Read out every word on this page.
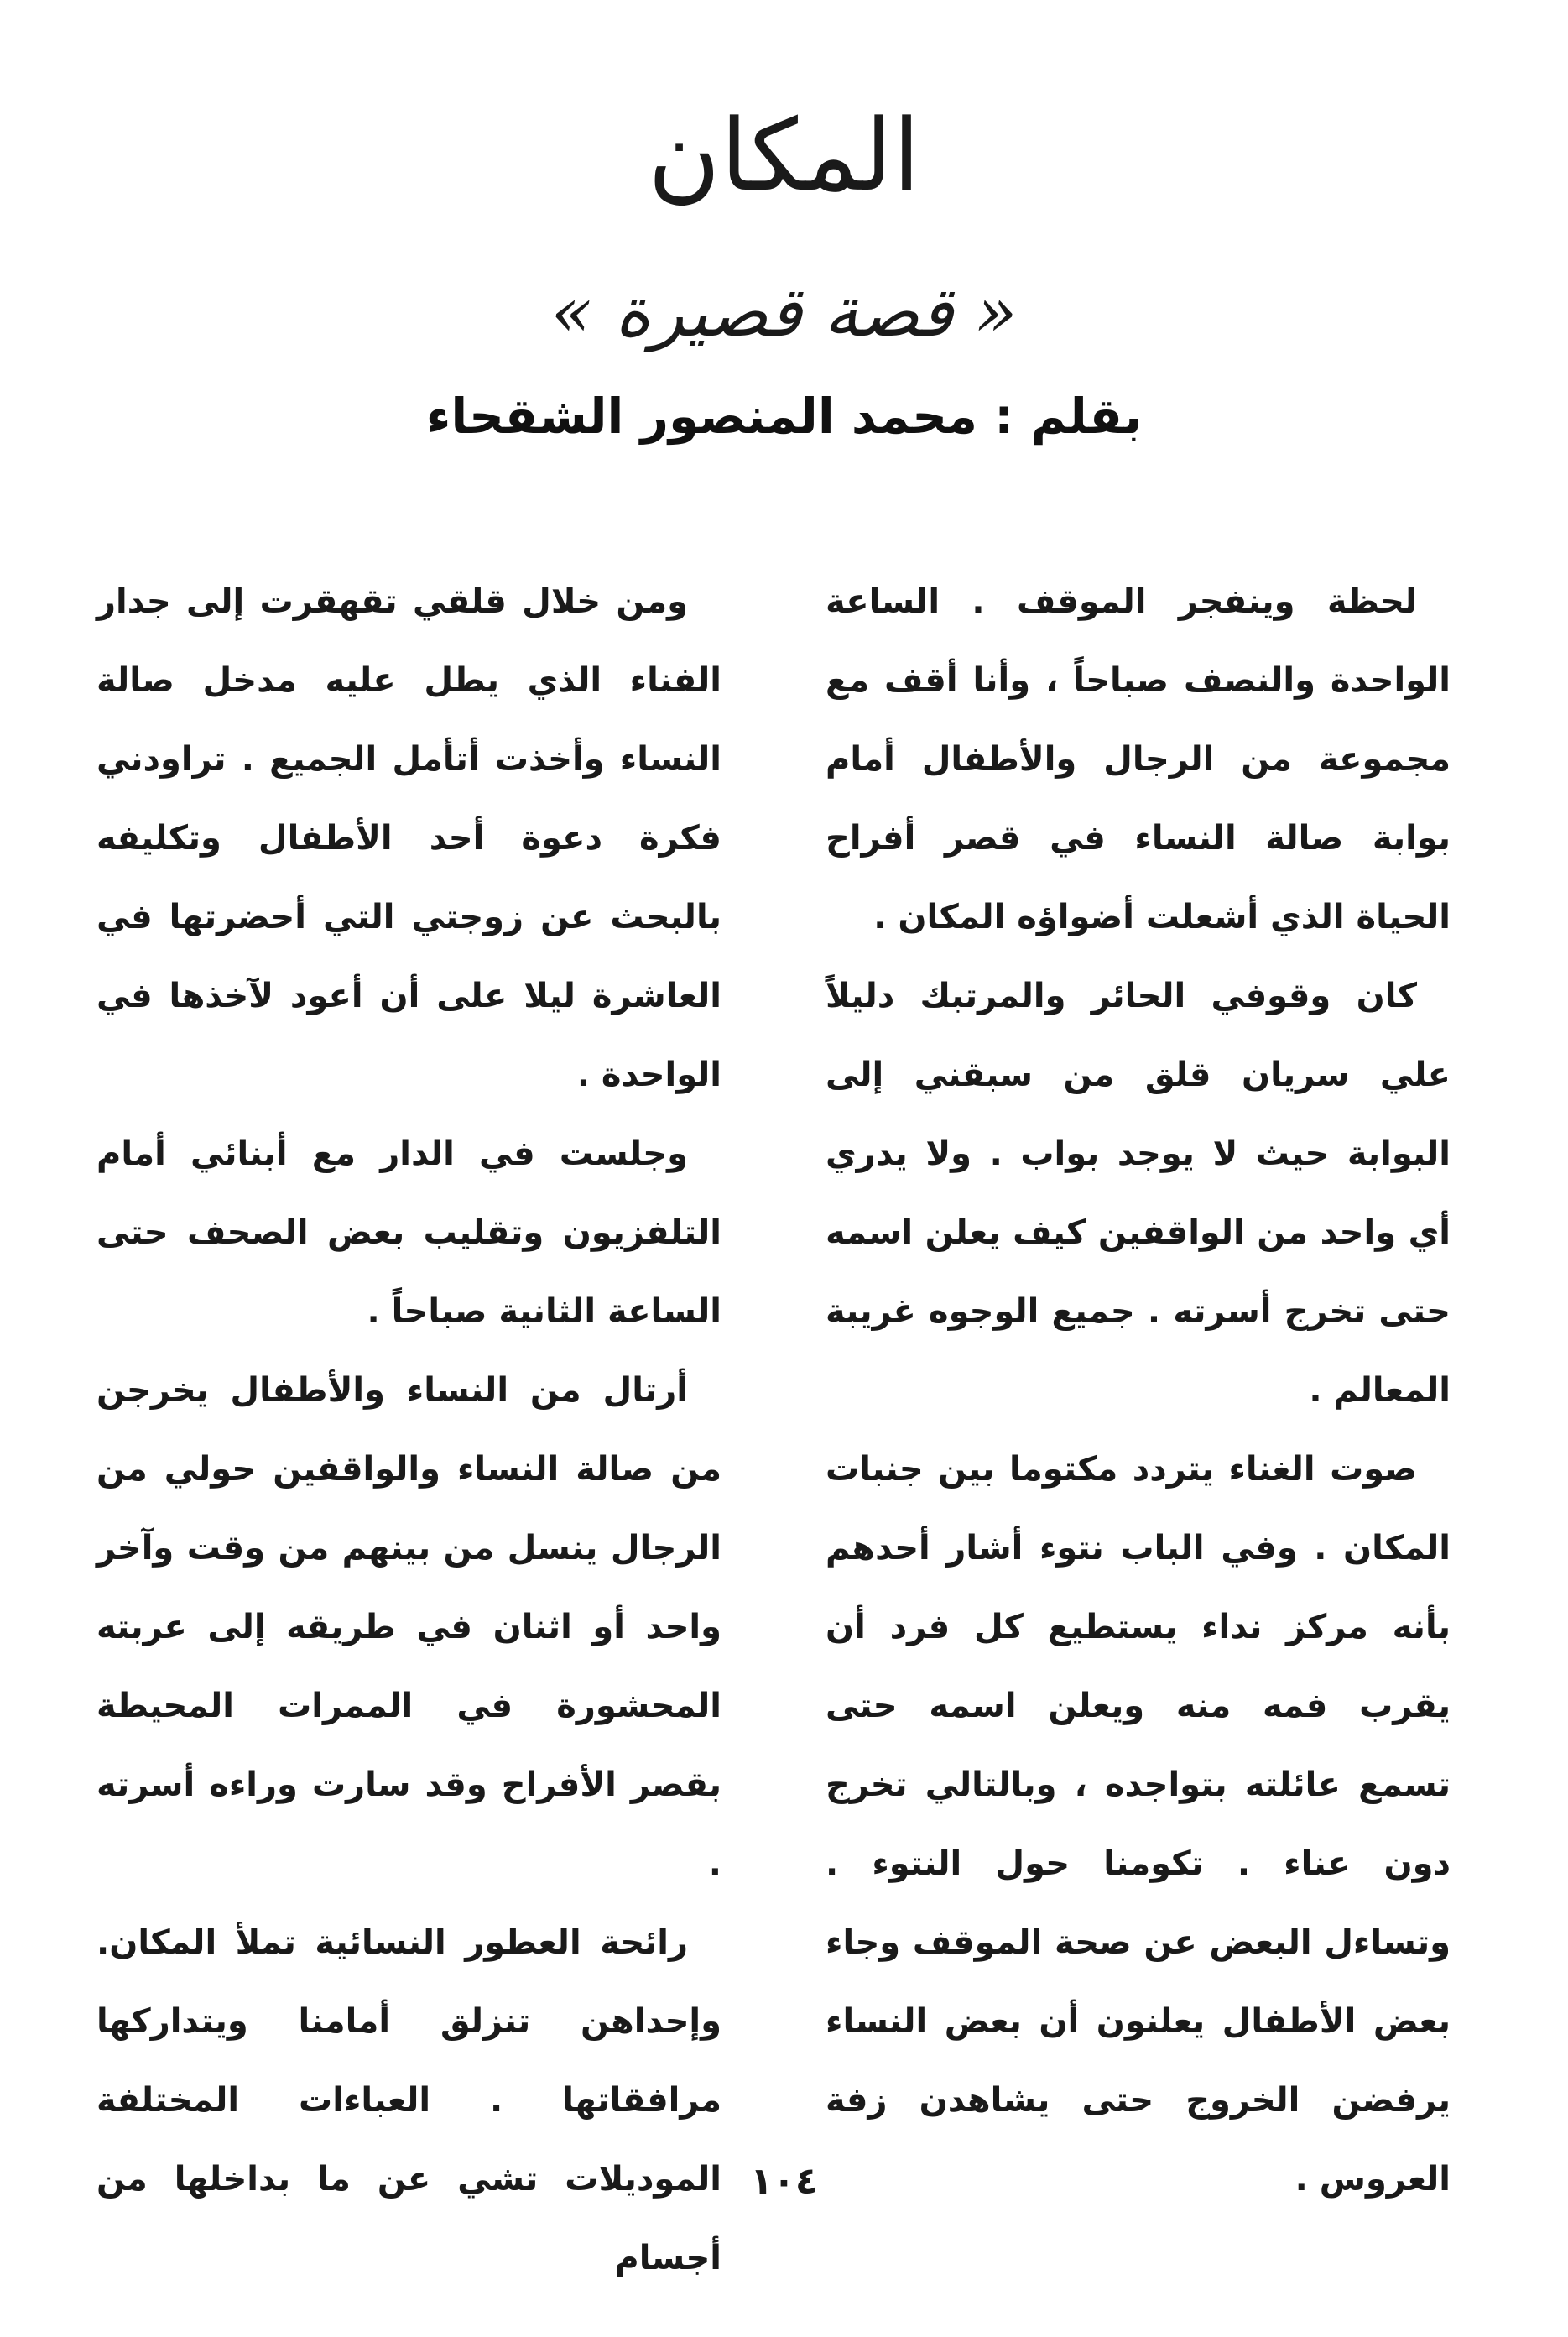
المكان
« قصة قصيرة »
بقلم : محمد المنصور الشقحاء

لحظة وينفجر الموقف . الساعة الواحدة والنصف صباحاً ، وأنا أقف مع مجموعة من الرجال والأطفال أمام بوابة صالة النساء في قصر أفراح الحياة الذي أشعلت أضواؤه المكان .

كان وقوفي الحائر والمرتبك دليلاً علي سريان قلق من سبقني إلى البوابة حيث لا يوجد بواب . ولا يدري أي واحد من الواقفين كيف يعلن اسمه حتى تخرج أسرته . جميع الوجوه غريبة المعالم .

صوت الغناء يتردد مكتوما بين جنبات المكان . وفي الباب نتوء أشار أحدهم بأنه مركز نداء يستطيع كل فرد أن يقرب فمه منه ويعلن اسمه حتى تسمع عائلته بتواجده ، وبالتالي تخرج دون عناء . تكومنا حول النتوء . وتساءل البعض عن صحة الموقف وجاء بعض الأطفال يعلنون أن بعض النساء يرفضن الخروج حتى يشاهدن زفة العروس .

ومن خلال قلقي تقهقرت إلى جدار الفناء الذي يطل عليه مدخل صالة النساء وأخذت أتأمل الجميع . تراودني فكرة دعوة أحد الأطفال وتكليفه بالبحث عن زوجتي التي أحضرتها في العاشرة ليلا على أن أعود لآخذها في الواحدة .

وجلست في الدار مع أبنائي أمام التلفزيون وتقليب بعض الصحف حتى الساعة الثانية صباحاً .

أرتال من النساء والأطفال يخرجن من صالة النساء والواقفين حولي من الرجال ينسل من بينهم من وقت وآخر واحد أو اثنان في طريقه إلى عربته المحشورة في الممرات المحيطة بقصر الأفراح وقد سارت وراءه أسرته .

رائحة العطور النسائية تملأ المكان. وإحداهن تنزلق أمامنا ويتداركها مرافقاتها . العباءات المختلفة الموديلات تشي عن ما بداخلها من أجسام

١٠٤
